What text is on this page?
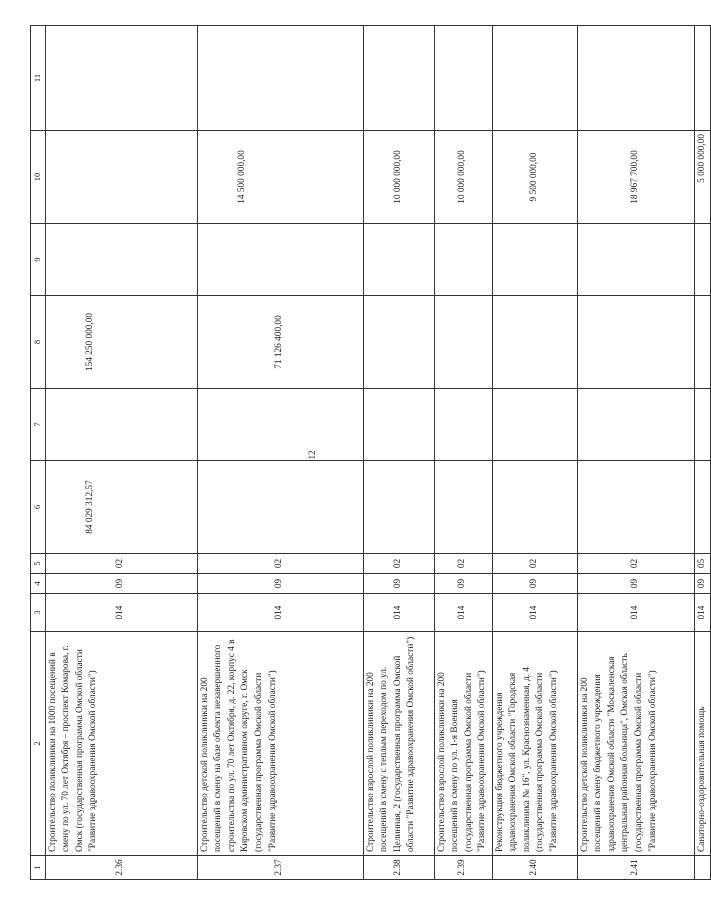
12
1	2	3	4	5	6	7	8	9	10	11
2.36	Строительство поликлиники на 1000 посещений в смену по ул. 70 лет Октября – проспект Комарова, г. Омск (государственная программа Омской области "Развитие здравоохранения Омской области")	014	09	02	84 029 312,57		154 250 000,00			
2.37	Строительство детской поликлиники на 200 посещений в смену на базе объекта незавершенного строительства по ул. 70 лет Октября, д. 22, корпус 4 в Кировском административном округе, г. Омск (государственная программа Омской области "Развитие здравоохранения Омской области")	014	09	02			71 126 400,00		14 500 000,00	
2.38	Строительство взрослой поликлиники на 200 посещений в смену с теплым переходом по ул. Целинная, 2 (государственная программа Омской области "Развитие здравоохранения Омской области")	014	09	02					10 000 000,00	
2.39	Строительство взрослой поликлиники на 200 посещений в смену по ул. 1-я Военная (государственная программа Омской области "Развитие здравоохранения Омской области")	014	09	02					10 000 000,00	
2.40	Реконструкция бюджетного учреждения здравоохранения Омской области "Городская поликлиника № 16", ул. Краснознаменная, д. 4 (государственная программа Омской области "Развитие здравоохранения Омской области")	014	09	02					9 500 000,00	
2.41	Строительство детской поликлиники на 200 посещений в смену бюджетного учреждения здравоохранения Омской области "Москаленская центральная районная больница", Омская область (государственная программа Омской области "Развитие здравоохранения Омской области")	014	09	02					18 967 700,00	
	Санаторно-оздоровительная помощь	014	09	05					5 000 000,00	
